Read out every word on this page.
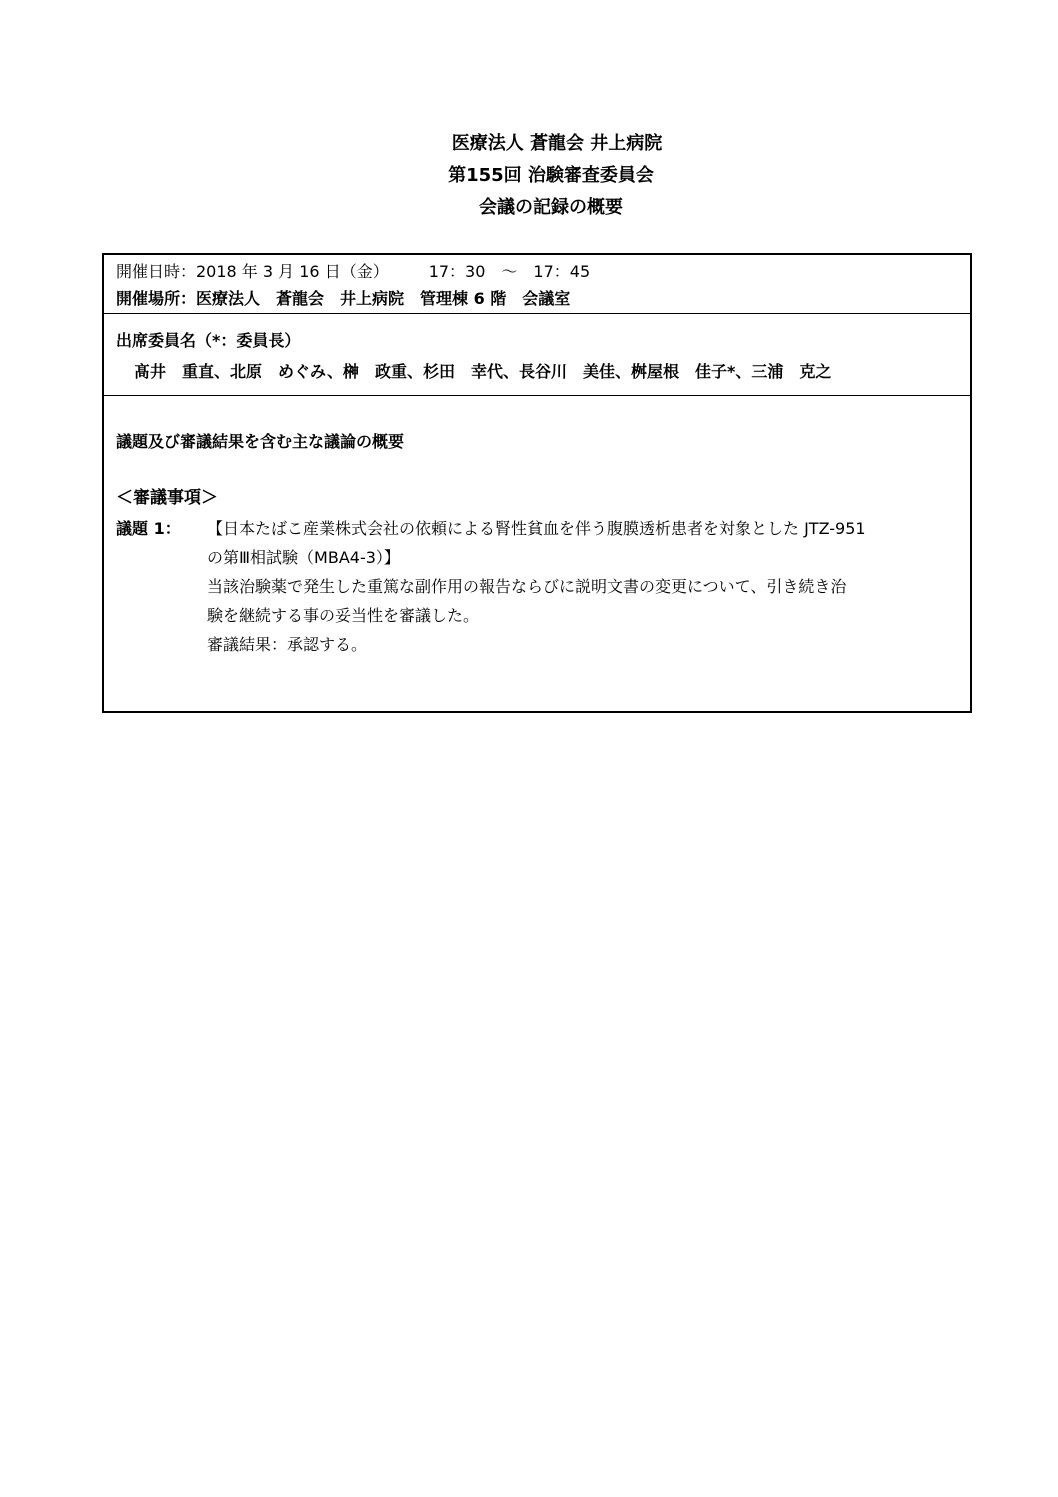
医療法人 蒼龍会 井上病院
第155回 治験審査委員会
会議の記録の概要
開催日時：2018 年 3 月 16 日（金）　　　17：30　～　17：45
開催場所：医療法人　蒼龍会　井上病院　管理棟 6 階　会議室
出席委員名（*：委員長）
髙井　重直、北原　めぐみ、榊　政重、杉田　幸代、長谷川　美佳、桝屋根　佳子*、三浦　克之
議題及び審議結果を含む主な議論の概要
＜審議事項＞
議題 1： 【日本たばこ産業株式会社の依頼による腎性貧血を伴う腹膜透析患者を対象とした JTZ-951
の第Ⅲ相試験（MBA4-3）】
当該治験薬で発生した重篤な副作用の報告ならびに説明文書の変更について、引き続き治
験を継続する事の妥当性を審議した。
審議結果：承認する。
